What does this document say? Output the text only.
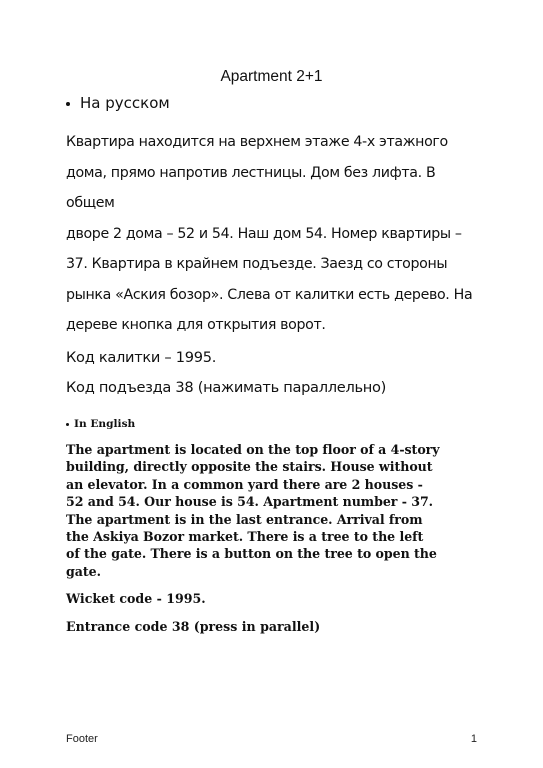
Apartment 2+1
На русском
Квартира находится на верхнем этаже 4-х этажного
дома, прямо напротив лестницы. Дом без лифта. В общем
дворе 2 дома – 52 и 54. Наш дом 54. Номер квартиры –
37. Квартира в крайнем подъезде. Заезд со стороны
рынка «Аския бозор». Слева от калитки есть дерево. На
дереве кнопка для открытия ворот.
Код калитки – 1995.
Код подъезда 38 (нажимать параллельно)
In English
The apartment is located on the top floor of a 4-story
building, directly opposite the stairs. House without
an elevator. In a common yard there are 2 houses -
52 and 54. Our house is 54. Apartment number - 37.
The apartment is in the last entrance. Arrival from
the Askiya Bozor market. There is a tree to the left
of the gate. There is a button on the tree to open the
gate.
Wicket code - 1995.
Entrance code 38 (press in parallel)
Footer	1
